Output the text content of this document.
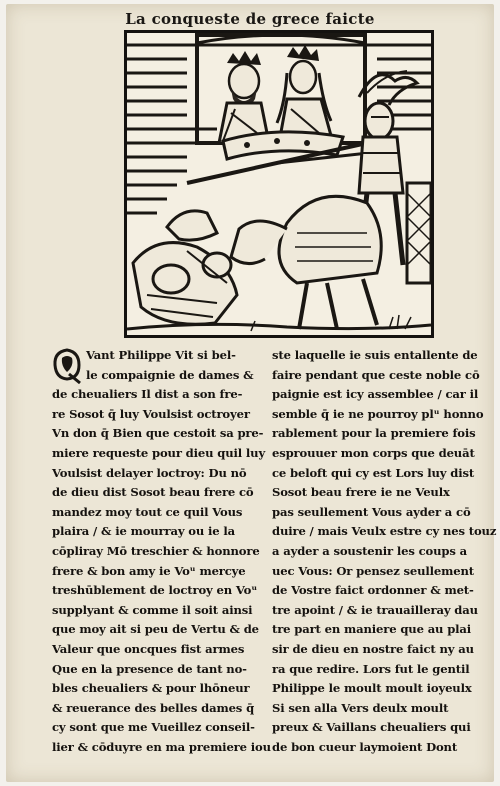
La conqueste de grece faicte
Vant Philippe Vit si bel-
le compaignie de dames &
de cheualiers Il dist a son fre-
re Sosot q̄ luy Voulsist octroyer
Vn don q̄ Bien que cestoit sa pre-
miere requeste pour dieu quil luy
Voulsist delayer loctroy: Du nō
de dieu dist Sosot beau frere cō
mandez moy tout ce quil Vous
plaira / & ie mourray ou ie la
cōpliray Mō treschier & honnore
frere & bon amy ie Voᵘ mercye
treshūblement de loctroy en Voᵘ
supplyant & comme il soit ainsi
que moy ait si peu de Vertu & de
Valeur que oncques fist armes
Que en la presence de tant no-
bles cheualiers & pour lhōneur
& reuerance des belles dames q̄
cy sont que me Vueillez conseil-
lier & cōduyre en ma premiere iou
ste laquelle ie suis entallente de
faire pendant que ceste noble cō
paignie est icy assemblee / car il
semble q̄ ie ne pourroy plᵘ honno
rablement pour la premiere fois
esprouuer mon corps que deuāt
ce beloft qui cy est Lors luy dist
Sosot beau frere ie ne Veulx
pas seullement Vous ayder a cō
duire / mais Veulx estre cy nes touz
a ayder a soustenir les coups a
uec Vous: Or pensez seullement
de Vostre faict ordonner & met-
tre apoint / & ie trauailleray dau
tre part en maniere que au plai
sir de dieu en nostre faict ny au
ra que redire. Lors fut le gentil
Philippe le moult moult ioyeulx
Si sen alla Vers deulx moult
preux & Vaillans cheualiers qui
de bon cueur laymoient Dont
